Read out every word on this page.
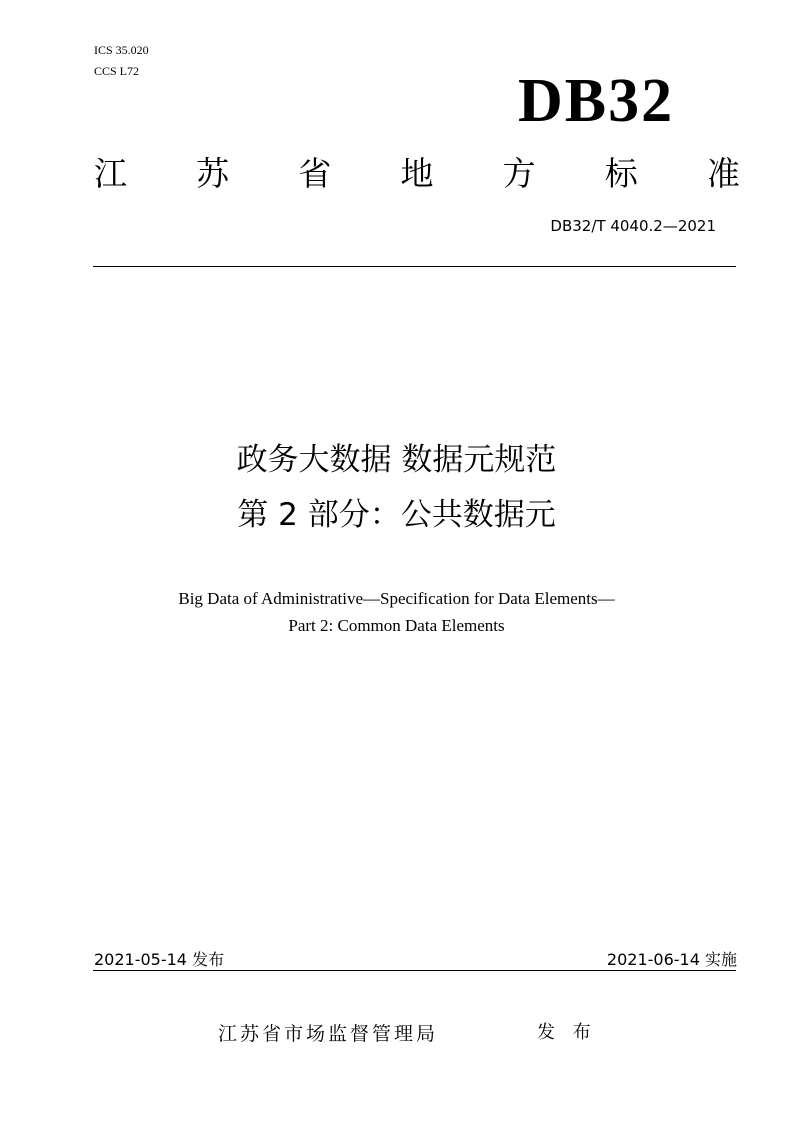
ICS 35.020
CCS L72	DB32
江 苏 省 地 方 标 准
DB32/T 4040.2—2021
政务大数据 数据元规范
第 2 部分：公共数据元
Big Data of Administrative—Specification for Data Elements—
Part 2: Common Data Elements
2021-05-14 发布	2021-06-14 实施
江苏省市场监督管理局	发 布
